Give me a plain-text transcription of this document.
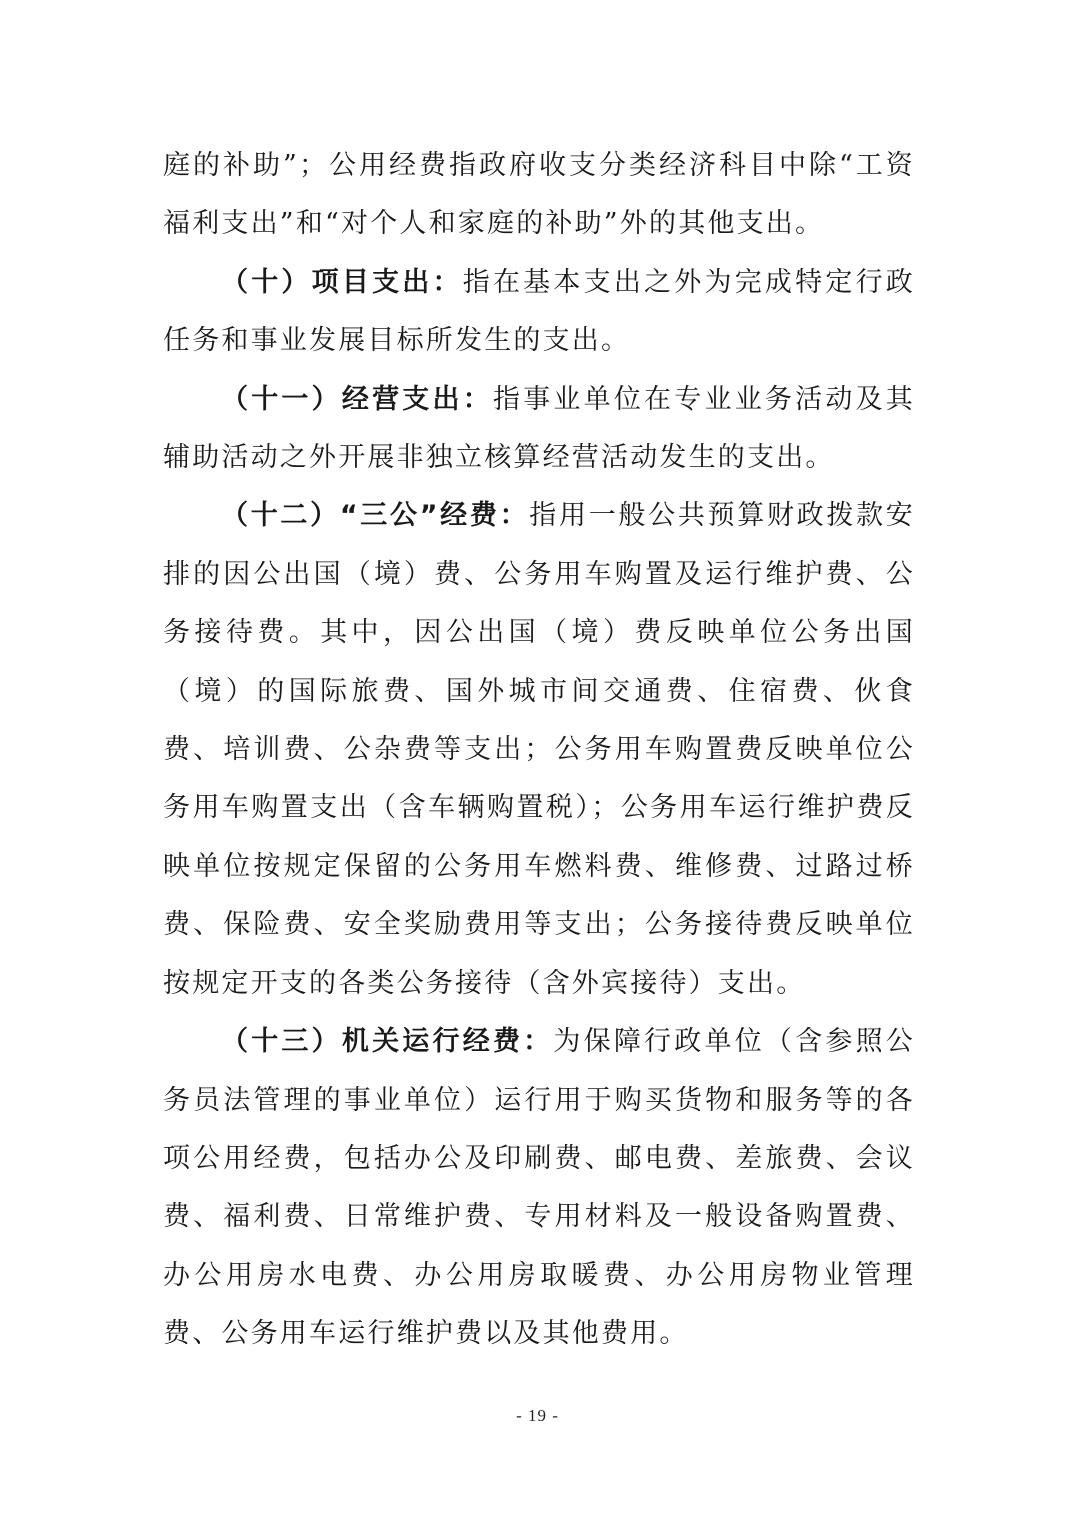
庭的补助”；公用经费指政府收支分类经济科目中除“工资福利支出”和“对个人和家庭的补助”外的其他支出。

（十）项目支出：指在基本支出之外为完成特定行政任务和事业发展目标所发生的支出。

（十一）经营支出：指事业单位在专业业务活动及其辅助活动之外开展非独立核算经营活动发生的支出。

（十二）“三公”经费：指用一般公共预算财政拨款安排的因公出国（境）费、公务用车购置及运行维护费、公务接待费。其中，因公出国（境）费反映单位公务出国（境）的国际旅费、国外城市间交通费、住宿费、伙食费、培训费、公杂费等支出；公务用车购置费反映单位公务用车购置支出（含车辆购置税）；公务用车运行维护费反映单位按规定保留的公务用车燃料费、维修费、过路过桥费、保险费、安全奖励费用等支出；公务接待费反映单位按规定开支的各类公务接待（含外宾接待）支出。

（十三）机关运行经费：为保障行政单位（含参照公务员法管理的事业单位）运行用于购买货物和服务等的各项公用经费，包括办公及印刷费、邮电费、差旅费、会议费、福利费、日常维护费、专用材料及一般设备购置费、办公用房水电费、办公用房取暖费、办公用房物业管理费、公务用车运行维护费以及其他费用。

- 19 -
